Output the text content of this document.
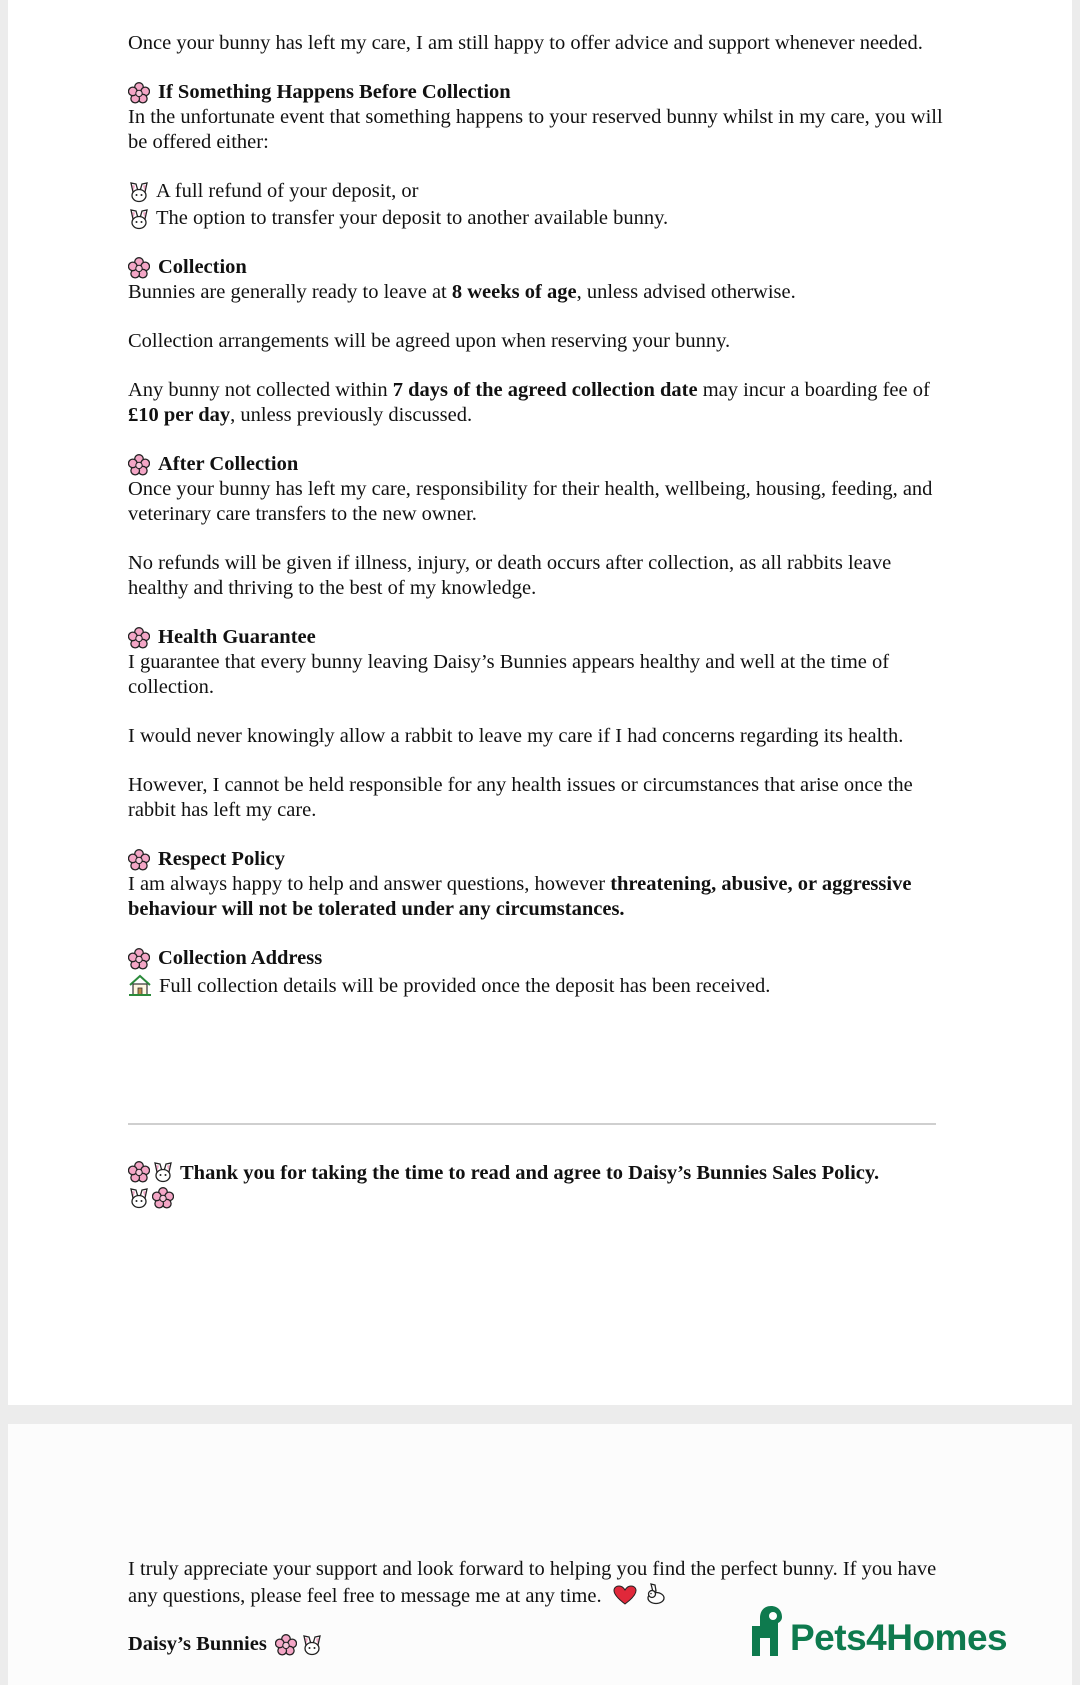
Once your bunny has left my care, I am still happy to offer advice and support whenever needed.

If Something Happens Before Collection

In the unfortunate event that something happens to your reserved bunny whilst in my care, you will be offered either:

A full refund of your deposit, or
The option to transfer your deposit to another available bunny.
Collection

Bunnies are generally ready to leave at 8 weeks of age, unless advised otherwise.

Collection arrangements will be agreed upon when reserving your bunny.

Any bunny not collected within 7 days of the agreed collection date may incur a boarding fee of £10 per day, unless previously discussed.

After Collection

Once your bunny has left my care, responsibility for their health, wellbeing, housing, feeding, and veterinary care transfers to the new owner.

No refunds will be given if illness, injury, or death occurs after collection, as all rabbits leave healthy and thriving to the best of my knowledge.

Health Guarantee

I guarantee that every bunny leaving Daisy’s Bunnies appears healthy and well at the time of collection.

I would never knowingly allow a rabbit to leave my care if I had concerns regarding its health.

However, I cannot be held responsible for any health issues or circumstances that arise once the rabbit has left my care.

Respect Policy

I am always happy to help and answer questions, however threatening, abusive, or aggressive behaviour will not be tolerated under any circumstances.

Collection Address

Full collection details will be provided once the deposit has been received.

Thank you for taking the time to read and agree to Daisy’s Bunnies Sales Policy.

I truly appreciate your support and look forward to helping you find the perfect bunny. If you have any questions, please feel free to message me at any time.
Daisy’s Bunnies	Pets4Homes
